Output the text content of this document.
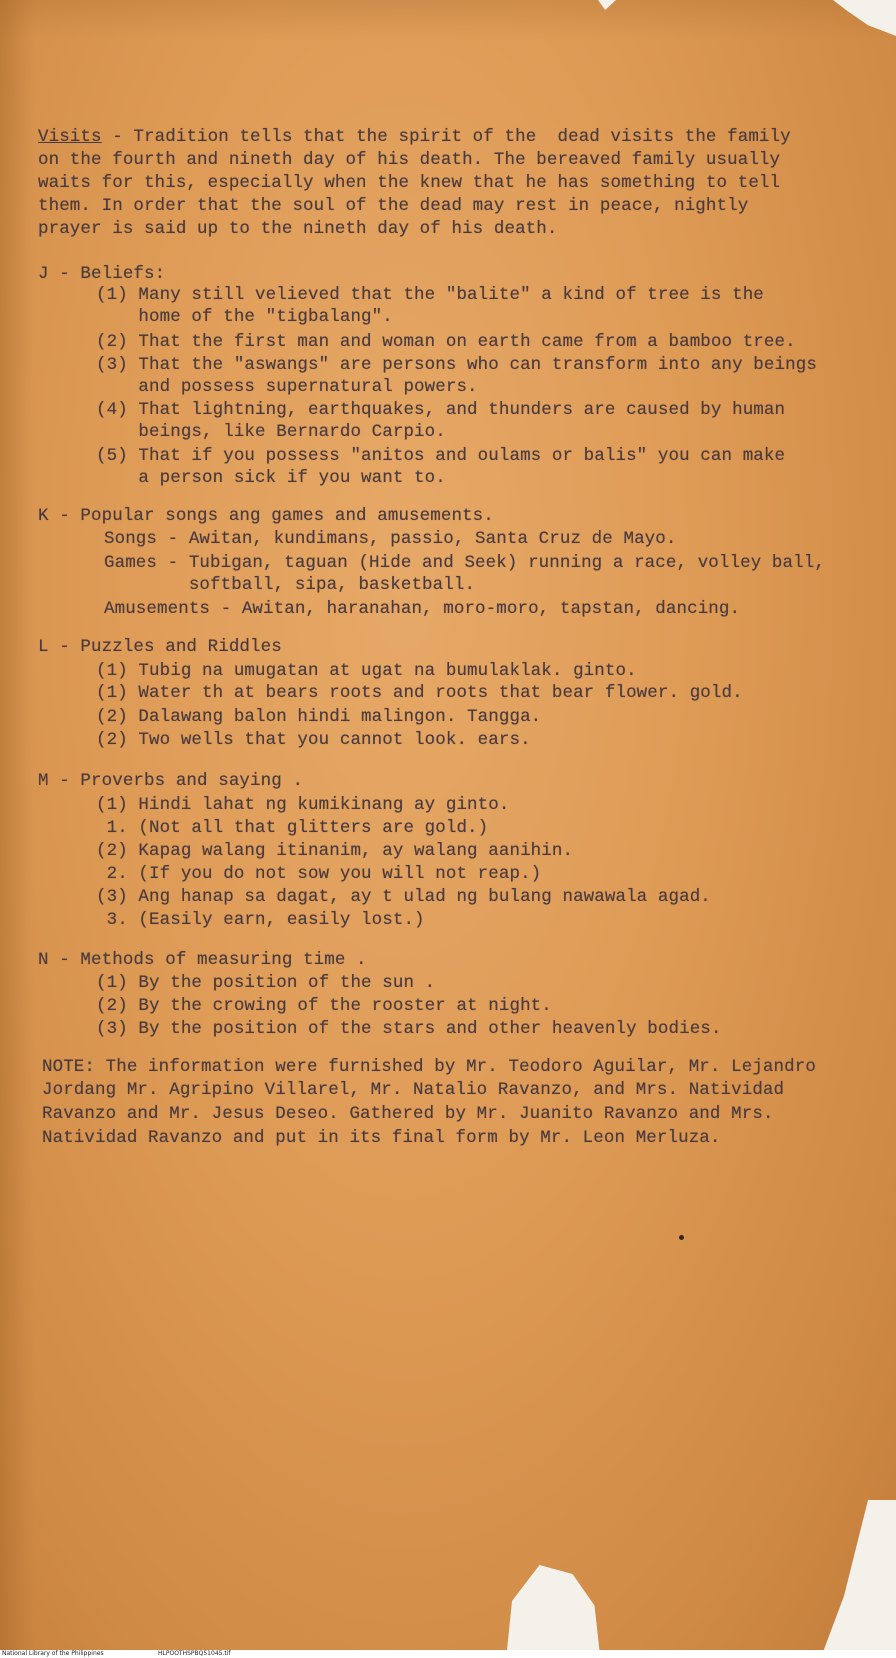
Visits - Tradition tells that the spirit of the  dead visits the family
on the fourth and nineth day of his death. The bereaved family usually
waits for this, especially when the knew that he has something to tell
them. In order that the soul of the dead may rest in peace, nightly
prayer is said up to the nineth day of his death.
J - Beliefs:
(1) Many still velieved that the "balite" a kind of tree is the
home of the "tigbalang".
(2) That the first man and woman on earth came from a bamboo tree.
(3) That the "aswangs" are persons who can transform into any beings
and possess supernatural powers.
(4) That lightning, earthquakes, and thunders are caused by human
beings, like Bernardo Carpio.
(5) That if you possess "anitos and oulams or balis" you can make
a person sick if you want to.
K - Popular songs ang games and amusements.
Songs - Awitan, kundimans, passio, Santa Cruz de Mayo.
Games - Tubigan, taguan (Hide and Seek) running a race, volley ball,
softball, sipa, basketball.
Amusements - Awitan, haranahan, moro-moro, tapstan, dancing.
L - Puzzles and Riddles
(1) Tubig na umugatan at ugat na bumulaklak. ginto.
(1) Water th at bears roots and roots that bear flower. gold.
(2) Dalawang balon hindi malingon. Tangga.
(2) Two wells that you cannot look. ears.
M - Proverbs and saying .
(1) Hindi lahat ng kumikinang ay ginto.
1. (Not all that glitters are gold.)
(2) Kapag walang itinanim, ay walang aanihin.
2. (If you do not sow you will not reap.)
(3) Ang hanap sa dagat, ay t ulad ng bulang nawawala agad.
3. (Easily earn, easily lost.)
N - Methods of measuring time .
(1) By the position of the sun .
(2) By the crowing of the rooster at night.
(3) By the position of the stars and other heavenly bodies.
NOTE: The information were furnished by Mr. Teodoro Aguilar, Mr. Lejandro
Jordang Mr. Agripino Villarel, Mr. Natalio Ravanzo, and Mrs. Natividad
Ravanzo and Mr. Jesus Deseo. Gathered by Mr. Juanito Ravanzo and Mrs.
Natividad Ravanzo and put in its final form by Mr. Leon Merluza.
National Library of the Philippines	HLPOOTHSPBQ51045.tif
